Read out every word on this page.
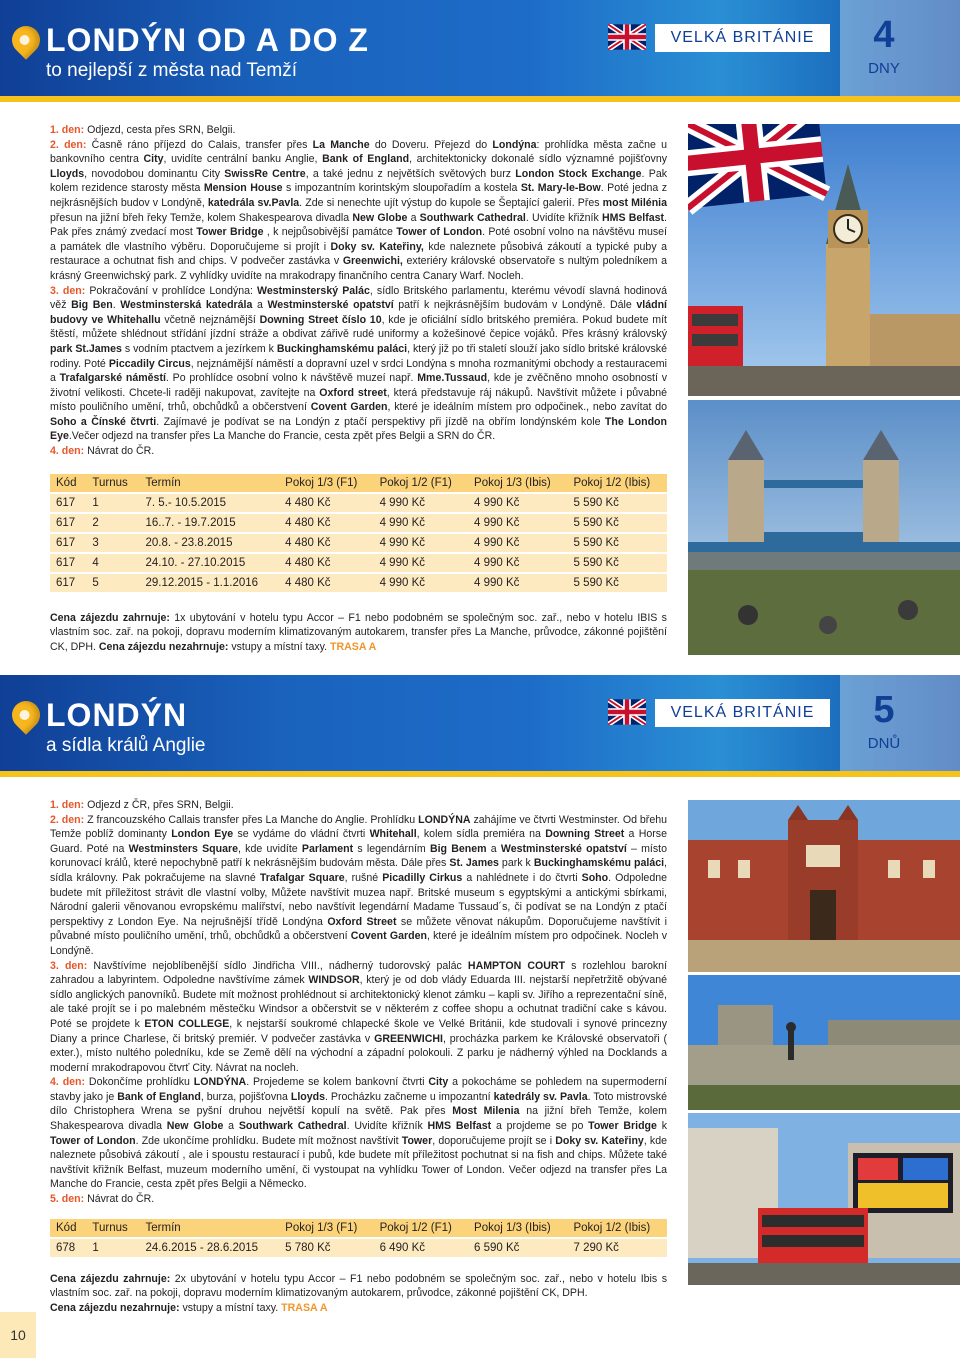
LONDÝN OD A DO Z
to nejlepší z města nad Temží
VELKÁ BRITÁNIE	4
DNY

1. den: Odjezd, cesta přes SRN, Belgii.

2. den: Časně ráno příjezd do Calais, transfer přes La Manche do Doveru. Přejezd do Londýna: prohlídka města začne u bankovního centra City, uvidíte centrální banku Anglie, Bank of England, architektonicky dokonalé sídlo významné pojišťovny Lloyds, novodobou dominantu City SwissRe Centre, a také jednu z největších světových burz London Stock Exchange. Pak kolem rezidence starosty města Mension House s impozantním korintským sloupořadím a kostela St. Mary-le-Bow. Poté jedna z nejkrásnějších budov v Londýně, katedrála sv.Pavla. Zde si nenechte ujít výstup do kupole se Šeptající galerií. Přes most Milénia přesun na jižní břeh řeky Temže, kolem Shakespearova divadla New Globe a Southwark Cathedral. Uvidíte křižník HMS Belfast. Pak přes známý zvedací most Tower Bridge , k nejpůsobivější památce Tower of London. Poté osobní volno na návštěvu museí a památek dle vlastního výběru. Doporučujeme si projít i Doky sv. Kateřiny, kde naleznete působivá zákoutí a typické puby a restaurace a ochutnat fish and chips. V podvečer zastávka v Greenwichi, exteriéry královské observatoře s nultým poledníkem a krásný Greenwichský park. Z vyhlídky uvidíte na mrakodrapy finančního centra Canary Warf. Nocleh.

3. den: Pokračování v prohlídce Londýna: Westminsterský Palác, sídlo Britského parlamentu, kterému vévodí slavná hodinová věž Big Ben. Westminsterská katedrála a Westminsterské opatství patří k nejkrásnějším budovám v Londýně. Dále vládní budovy ve Whitehallu včetně nejznámější Downing Street číslo 10, kde je oficiální sídlo britského premiéra. Pokud budete mít štěstí, můžete shlédnout střídání jízdní stráže a obdivat zářivě rudé uniformy a kožešinové čepice vojáků. Přes krásný královský park St.James s vodním ptactvem a jezírkem k Buckinghamskému paláci, který již po tři staletí slouží jako sídlo britské královské rodiny. Poté Piccadily Circus, nejznámější náměstí a dopravní uzel v srdci Londýna s mnoha rozmanitými obchody a restauracemi a Trafalgarské náměstí. Po prohlídce osobní volno k návštěvě muzeí např. Mme.Tussaud, kde je zvěčněno mnoho osobností v životní velikosti. Chcete-li raději nakupovat, zavítejte na Oxford street, která představuje ráj nákupů. Navštívit můžete i půvabné místo pouličního umění, trhů, obchůdků a občerstvení Covent Garden, které je ideálním místem pro odpočinek., nebo zavítat do Soho a Čínské čtvrti. Zajímavé je podívat se na Londýn z ptačí perspektivy při jízdě na obřím londýnském kole The London Eye.Večer odjezd na transfer přes La Manche do Francie, cesta zpět přes Belgii a SRN do ČR.

4. den: Návrat do ČR.

Kód	Turnus	Termín	Pokoj 1/3 (F1)	Pokoj 1/2 (F1)	Pokoj 1/3 (Ibis)	Pokoj 1/2 (Ibis)
617	1	7. 5.- 10.5.2015	4 480 Kč	4 990 Kč	4 990 Kč	5 590 Kč
617	2	16..7. - 19.7.2015	4 480 Kč	4 990 Kč	4 990 Kč	5 590 Kč
617	3	20.8. - 23.8.2015	4 480 Kč	4 990 Kč	4 990 Kč	5 590 Kč
617	4	24.10. - 27.10.2015	4 480 Kč	4 990 Kč	4 990 Kč	5 590 Kč
617	5	29.12.2015 - 1.1.2016	4 480 Kč	4 990 Kč	4 990 Kč	5 590 Kč

Cena zájezdu zahrnuje: 1x ubytování v hotelu typu Accor – F1 nebo podobném se společným soc. zař., nebo v hotelu IBIS s vlastním soc. zař. na pokoji, dopravu moderním klimatizovaným autokarem, transfer přes La Manche, průvodce, zákonné pojištění CK, DPH. Cena zájezdu nezahrnuje: vstupy a místní taxy. TRASA A

LONDÝN
a sídla králů Anglie
VELKÁ BRITÁNIE	5
DNŮ

1. den: Odjezd z ČR, přes SRN, Belgii.

2. den: Z francouzského Callais transfer přes La Manche do Anglie. Prohlídku LONDÝNA zahájíme ve čtvrti Westminster. Od břehu Temže poblíž dominanty London Eye se vydáme do vládní čtvrti Whitehall, kolem sídla premiéra na Downing Street a Horse Guard. Poté na Westminsters Square, kde uvidíte Parlament s legendárním Big Benem a Westminsterské opatství – místo korunovací králů, které nepochybně patří k nekrásnějším budovám města. Dále přes St. James park k Buckinghamskému paláci, sídla královny. Pak pokračujeme na slavné Trafalgar Square, rušné Picadilly Cirkus a nahlédnete i do čtvrti Soho. Odpoledne budete mít příležitost strávit dle vlastní volby, Můžete navštívit muzea např. Britské museum s egyptskými a antickými sbírkami, Národní galerii věnovanou evropskému malířství, nebo navštívit legendární Madame Tussaud´s, či podívat se na Londýn z ptačí perspektivy z London Eye. Na nejrušnější třídě Londýna Oxford Street se můžete věnovat nákupům. Doporučujeme navštívit i půvabné místo pouličního umění, trhů, obchůdků a občerstvení Covent Garden, které je ideálním místem pro odpočinek. Nocleh v Londýně.

3. den: Navštívíme nejoblíbenější sídlo Jindřicha VIII., nádherný tudorovský palác HAMPTON COURT s rozlehlou barokní zahradou a labyrintem. Odpoledne navštívíme zámek WINDSOR, který je od dob vlády Eduarda III. nejstarší nepřetržitě obývané sídlo anglických panovníků. Budete mít možnost prohlédnout si architektonický klenot zámku – kapli sv. Jiřího a reprezentační síně, ale také projít se i po malebném městečku Windsor a občerstvit se v některém z coffee shopu a ochutnat tradiční cake s kávou. Poté se projdete k ETON COLLEGE, k nejstarší soukromé chlapecké škole ve Velké Británii, kde studovali i synové princezny Diany a prince Charlese, či britský premiér. V podvečer zastávka v GREENWICHI, procházka parkem ke Královské observatoři ( exter.), místo nultého poledníku, kde se Země dělí na východní a západní polokouli. Z parku je nádherný výhled na Docklands a moderní mrakodrapovou čtvrť City. Návrat na nocleh.

4. den: Dokončíme prohlídku LONDÝNA. Projedeme se kolem bankovní čtvrti City a pokocháme se pohledem na supermoderní stavby jako je Bank of England, burza, pojišťovna Lloyds. Procházku začneme u impozantní katedrály sv. Pavla. Toto mistrovské dílo Christophera Wrena se pyšní druhou největší kopulí na světě. Pak přes Most Milenia na jižní břeh Temže, kolem Shakespearova divadla New Globe a Southwark Cathedral. Uvidíte křižník HMS Belfast a projdeme se po Tower Bridge k Tower of London. Zde ukončíme prohlídku. Budete mít možnost navštívit Tower, doporučujeme projít se i Doky sv. Kateřiny, kde naleznete působivá zákoutí , ale i spoustu restaurací i pubů, kde budete mít příležitost pochutnat si na fish and chips. Můžete také navštívit křižník Belfast, muzeum moderního umění, či vystoupat na vyhlídku Tower of London. Večer odjezd na transfer přes La Manche do Francie, cesta zpět přes Belgii a Německo.

5. den: Návrat do ČR.

Kód	Turnus	Termín	Pokoj 1/3 (F1)	Pokoj 1/2 (F1)	Pokoj 1/3 (Ibis)	Pokoj 1/2 (Ibis)
678	1	24.6.2015 - 28.6.2015	5 780 Kč	6 490 Kč	6 590 Kč	7 290 Kč

Cena zájezdu zahrnuje: 2x ubytování v hotelu typu Accor – F1 nebo podobném se společným soc. zař., nebo v hotelu Ibis s vlastním soc. zař. na pokoji, dopravu moderním klimatizovaným autokarem, průvodce, zákonné pojištění CK, DPH.

Cena zájezdu nezahrnuje: vstupy a místní taxy. TRASA A

10
